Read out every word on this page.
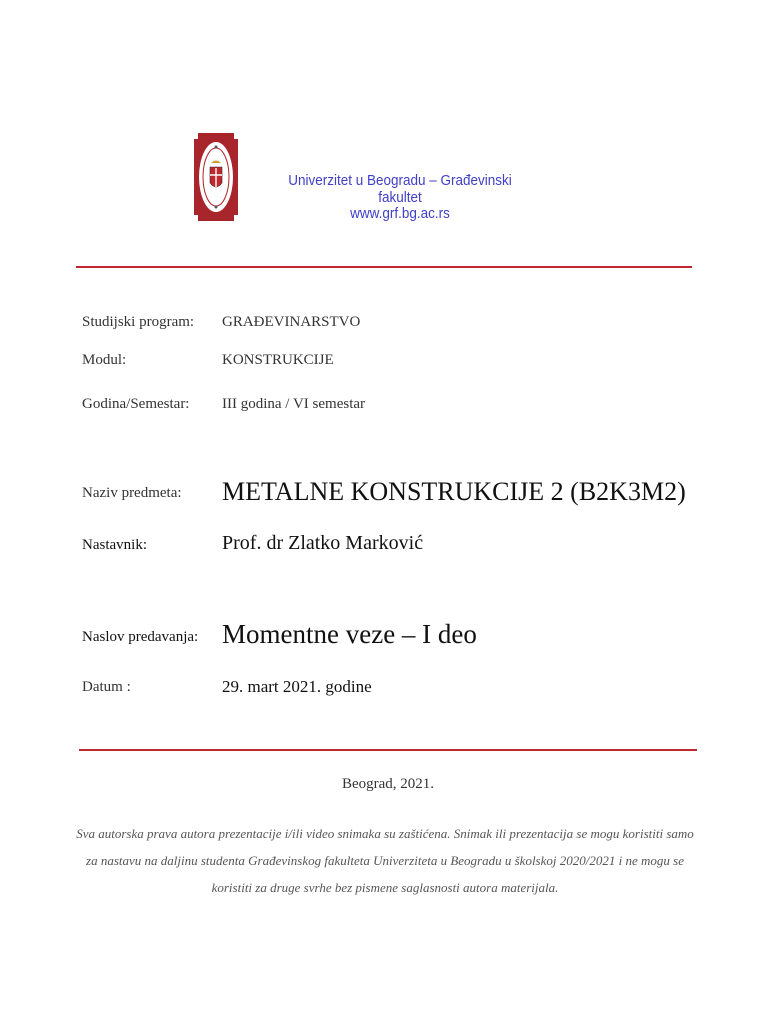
Univerzitet u Beogradu – Građevinski fakultet
www.grf.bg.ac.rs
Studijski program: GRAĐEVINARSTVO
Modul:	KONSTRUKCIJE
Godina/Semestar: III godina / VI semestar
Naziv predmeta: METALNE KONSTRUKCIJE 2 (B2K3M2)
Nastavnik:	Prof. dr Zlatko Marković
Naslov predavanja: Momentne veze – I deo
Datum :	29. mart 2021. godine
Beograd, 2021.
Sva autorska prava autora prezentacije i/ili video snimaka su zaštićena. Snimak ili prezentacija se mogu koristiti samo za nastavu na daljinu studenta Građevinskog fakulteta Univerziteta u Beogradu u školskoj 2020/2021 i ne mogu se koristiti za druge svrhe bez pismene saglasnosti autora materijala.
